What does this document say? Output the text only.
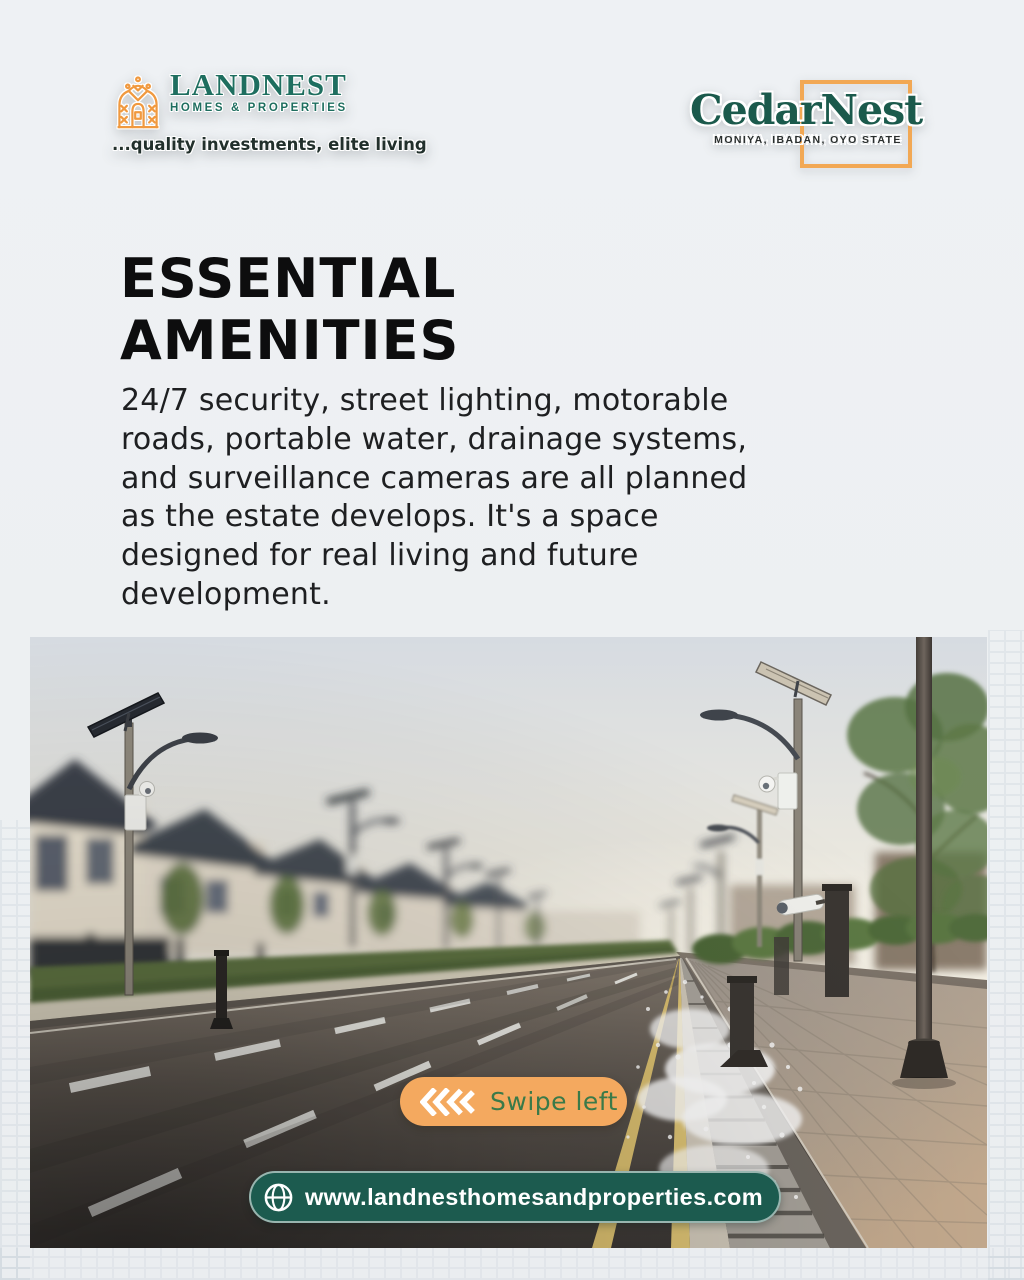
LANDNEST
HOMES & PROPERTIES
...quality investments, elite living
CedarNest
MONIYA, IBADAN, OYO STATE
ESSENTIAL
AMENITIES
24/7 security, street lighting, motorable
roads, portable water, drainage systems,
and surveillance cameras are all planned
as the estate develops. It's a space
designed for real living and future
development.
Swipe left
www.landnesthomesandproperties.com
